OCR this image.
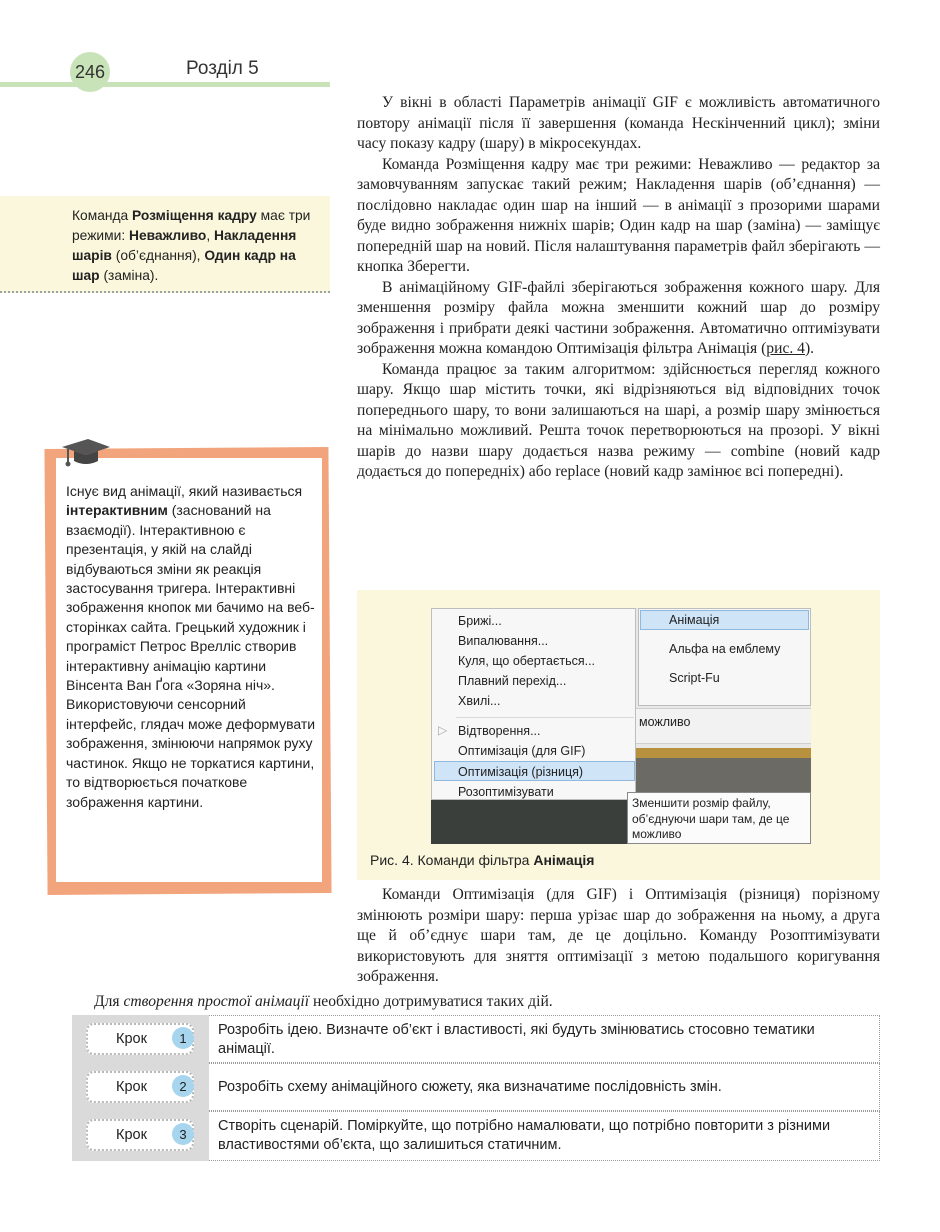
246	Розділ 5

У вікні в області Параметрів анімації GIF є можливість автоматичного повтору анімації після її завершення (команда Нескінченний цикл); зміни часу показу кадру (шару) в мікросекундах.

Команда Розміщення кадру має три режими: Неважливо — редактор за замовчуванням запускає такий режим; Накладення шарів (об’єднання) — послідовно накладає один шар на інший — в анімації з прозорими шарами буде видно зображення нижніх шарів; Один кадр на шар (заміна) — заміщує попередній шар на новий. Після налаштування параметрів файл зберігають — кнопка Зберегти.

В анімаційному GIF-файлі зберігаються зображення кожного шару. Для зменшення розміру файла можна зменшити кожний шар до розміру зображення і прибрати деякі частини зображення. Автоматично оптимізувати зображення можна командою Оптимізація фільтра Анімація (рис. 4).

Команда працює за таким алгоритмом: здійснюється перегляд кожного шару. Якщо шар містить точки, які відрізняються від відповідних точок попереднього шару, то вони залишаються на шарі, а розмір шару змінюється на мінімально можливий. Решта точок перетворюються на прозорі. У вікні шарів до назви шару додається назва режиму — combine (новий кадр додається до попередніх) або replace (новий кадр замінює всі попередні).

Команда Розміщення кадру має три режими: Неважливо, Накладення шарів (об’єднання), Один кадр на шар (заміна).
Існує вид анімації, який називається інтерактивним (заснований на взаємодії). Інтерактивною є презентація, у якій на слайді відбуваються зміни як реакція застосування тригера. Інтерактивні зображення кнопок ми бачимо на веб-сторінках сайта. Грецький художник і програміст Петрос Врелліс створив інтерактивну анімацію картини Вінсента Ван Ґога «Зоряна ніч». Використовуючи сенсорний інтерфейс, глядач може деформувати зображення, змінюючи напрямок руху частинок. Якщо не торкатися картини, то відтворюється початкове зображення картини.
можливо
Брижі...
Випалювання...
Куля, що обертається...
Плавний перехід...
Хвилі...
▷ Відтворення...
Оптимізація (для GIF)
Оптимізація (різниця)
Розоптимізувати
Анімація
Альфа на емблему
Script-Fu
Зменшити розмір файлу, об’єднуючи шари там, де це можливо
Рис. 4. Команди фільтра Анімація

Команди Оптимізація (для GIF) і Оптимізація (різниця) порізному змінюють розміри шару: перша урізає шар до зображення на ньому, а друга ще й об’єднує шари там, де це доцільно. Команду Розоптимізувати використовують для зняття оптимізації з метою подальшого коригування зображення.

Для створення простої анімації необхідно дотримуватися таких дій.
Крок	1	Розробіть ідею. Визначте об’єкт і властивості, які будуть змінюватись стосовно тематики анімації.
Крок	2	Розробіть схему анімаційного сюжету, яка визначатиме послідовність змін.
Крок	3	Створіть сценарій. Поміркуйте, що потрібно намалювати, що потрібно повторити з різними властивостями об’єкта, що залишиться статичним.
